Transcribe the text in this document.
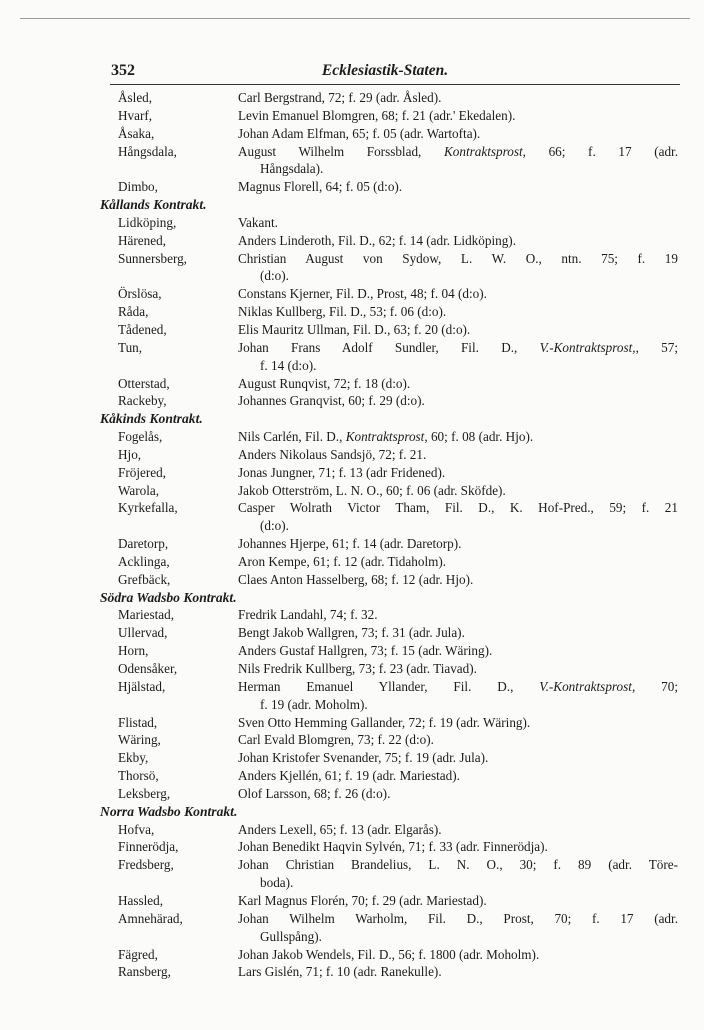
352	Ecklesiastik-Staten.
Åsled,	Carl Bergstrand, 72; f. 29 (adr. Åsled).
Hvarf,	Levin Emanuel Blomgren, 68; f. 21 (adr.' Ekedalen).
Åsaka,	Johan Adam Elfman, 65; f. 05 (adr. Wartofta).
Hångsdala,	August Wilhelm Forssblad, Kontraktsprost, 66; f. 17 (adr.
Hångsdala).
Dimbo,	Magnus Florell, 64; f. 05 (d:o).
Kållands Kontrakt.
Lidköping,	Vakant.
Härened,	Anders Linderoth, Fil. D., 62; f. 14 (adr. Lidköping).
Sunnersberg,	Christian August von Sydow, L. W. O., ntn. 75; f. 19
(d:o).
Örslösa,	Constans Kjerner, Fil. D., Prost, 48; f. 04 (d:o).
Råda,	Niklas Kullberg, Fil. D., 53; f. 06 (d:o).
Tådened,	Elis Mauritz Ullman, Fil. D., 63; f. 20 (d:o).
Tun,	Johan Frans Adolf Sundler, Fil. D., V.-Kontraktsprost,, 57;
f. 14 (d:o).
Otterstad,	August Runqvist, 72; f. 18 (d:o).
Rackeby,	Johannes Granqvist, 60; f. 29 (d:o).
Kåkinds Kontrakt.
Fogelås,	Nils Carlén, Fil. D., Kontraktsprost, 60; f. 08 (adr. Hjo).
Hjo,	Anders Nikolaus Sandsjö, 72; f. 21.
Fröjered,	Jonas Jungner, 71; f. 13 (adr Fridened).
Warola,	Jakob Otterström, L. N. O., 60; f. 06 (adr. Sköfde).
Kyrkefalla,	Casper Wolrath Victor Tham, Fil. D., K. Hof-Pred., 59; f. 21
(d:o).
Daretorp,	Johannes Hjerpe, 61; f. 14 (adr. Daretorp).
Acklinga,	Aron Kempe, 61; f. 12 (adr. Tidaholm).
Grefbäck,	Claes Anton Hasselberg, 68; f. 12 (adr. Hjo).
Södra Wadsbo Kontrakt.
Mariestad,	Fredrik Landahl, 74; f. 32.
Ullervad,	Bengt Jakob Wallgren, 73; f. 31 (adr. Jula).
Horn,	Anders Gustaf Hallgren, 73; f. 15 (adr. Wäring).
Odensåker,	Nils Fredrik Kullberg, 73; f. 23 (adr. Tiavad).
Hjälstad,	Herman Emanuel Yllander, Fil. D., V.-Kontraktsprost, 70;
f. 19 (adr. Moholm).
Flistad,	Sven Otto Hemming Gallander, 72; f. 19 (adr. Wäring).
Wäring,	Carl Evald Blomgren, 73; f. 22 (d:o).
Ekby,	Johan Kristofer Svenander, 75; f. 19 (adr. Jula).
Thorsö,	Anders Kjellén, 61; f. 19 (adr. Mariestad).
Leksberg,	Olof Larsson, 68; f. 26 (d:o).
Norra Wadsbo Kontrakt.
Hofva,	Anders Lexell, 65; f. 13 (adr. Elgarås).
Finnerödja,	Johan Benedikt Haqvin Sylvén, 71; f. 33 (adr. Finnerödja).
Fredsberg,	Johan Christian Brandelius, L. N. O., 30; f. 89 (adr. Töre-
boda).
Hassled,	Karl Magnus Florén, 70; f. 29 (adr. Mariestad).
Amnehärad,	Johan Wilhelm Warholm, Fil. D., Prost, 70; f. 17 (adr.
Gullspång).
Fägred,	Johan Jakob Wendels, Fil. D., 56; f. 1800 (adr. Moholm).
Ransberg,	Lars Gislén, 71; f. 10 (adr. Ranekulle).
